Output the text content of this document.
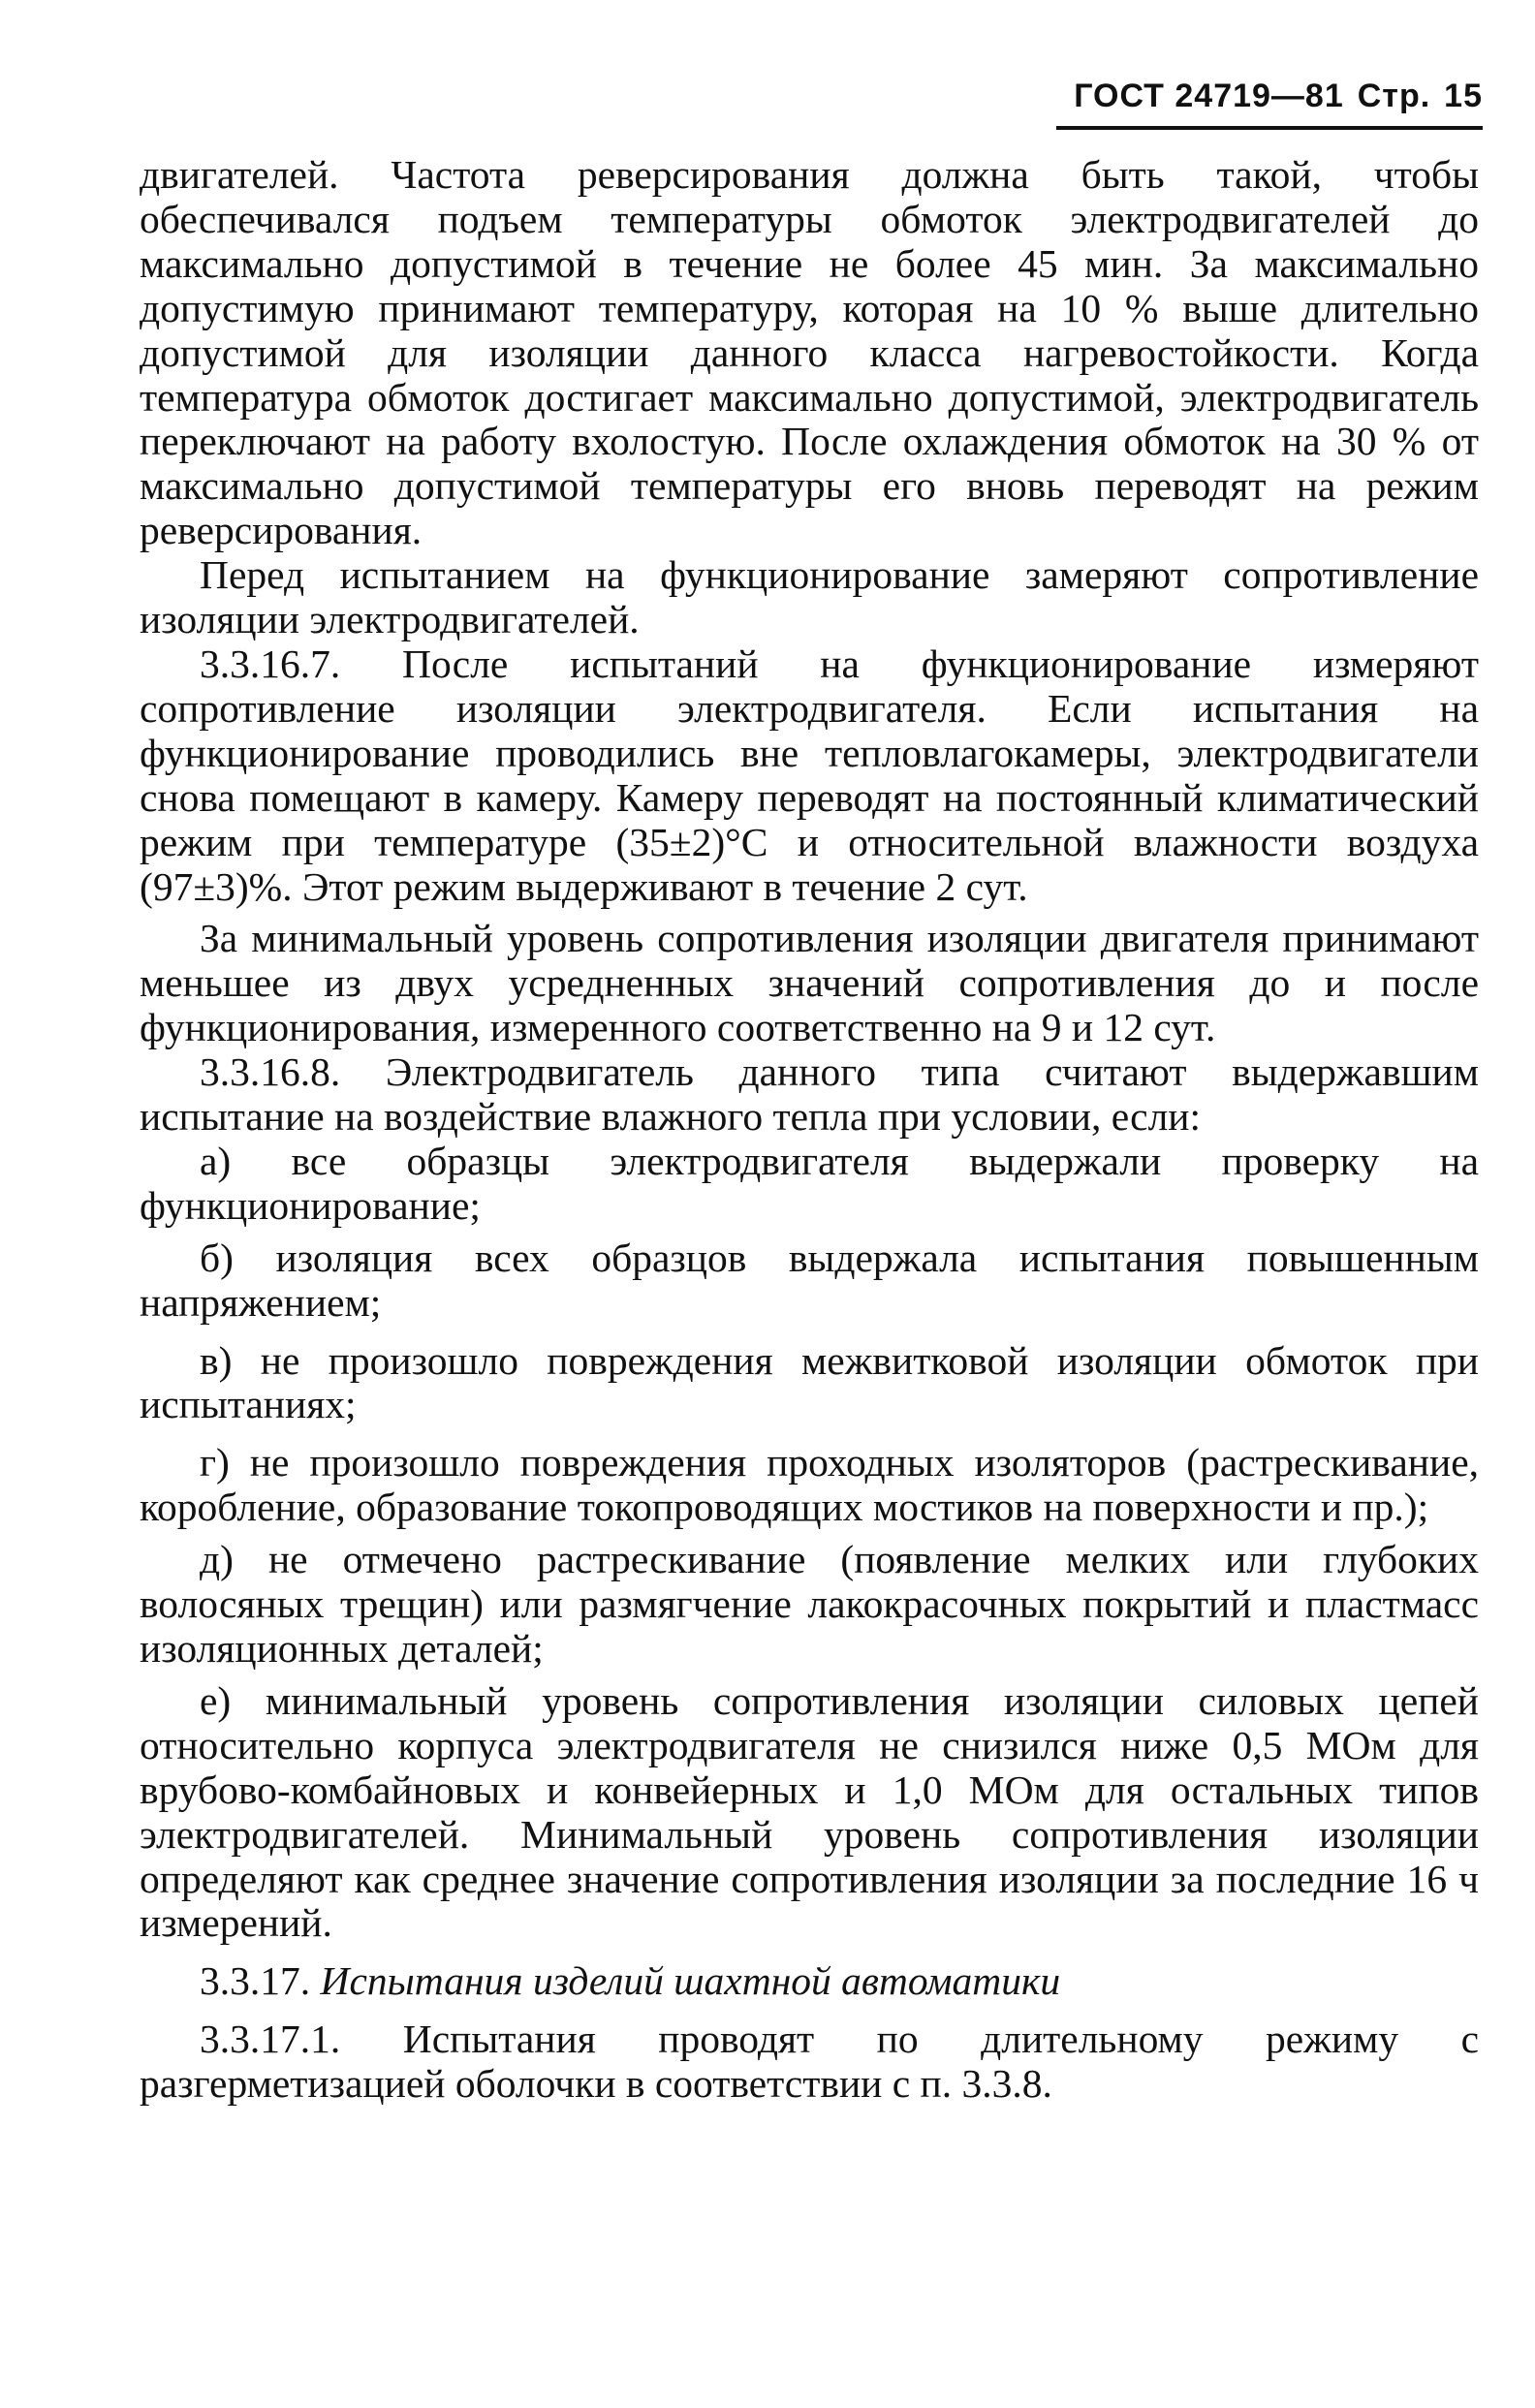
ГОСТ 24719—81 Стр. 15

двигателей. Частота реверсирования должна быть такой, чтобы обеспечивался подъем температуры обмоток электродвигателей до максимально допустимой в течение не более 45 мин. За максимально допустимую принимают температуру, которая на 10 % выше длительно допустимой для изоляции данного класса нагревостойкости. Когда температура обмоток достигает максимально допустимой, электродвигатель переключают на работу вхолостую. После охлаждения обмоток на 30 % от максимально допустимой температуры его вновь переводят на режим реверсирования.

Перед испытанием на функционирование замеряют сопротивление изоляции электродвигателей.

3.3.16.7. После испытаний на функционирование измеряют сопротивление изоляции электродвигателя. Если испытания на функционирование проводились вне тепловлагокамеры, электродвигатели снова помещают в камеру. Камеру переводят на постоянный климатический режим при температуре (35±2)°С и относительной влажности воздуха (97±3)%. Этот режим выдерживают в течение 2 сут.

За минимальный уровень сопротивления изоляции двигателя принимают меньшее из двух усредненных значений сопротивления до и после функционирования, измеренного соответственно на 9 и 12 сут.

3.3.16.8. Электродвигатель данного типа считают выдержавшим испытание на воздействие влажного тепла при условии, если:

а) все образцы электродвигателя выдержали проверку на функционирование;

б) изоляция всех образцов выдержала испытания повышенным напряжением;

в) не произошло повреждения межвитковой изоляции обмоток при испытаниях;

г) не произошло повреждения проходных изоляторов (растрескивание, коробление, образование токопроводящих мостиков на поверхности и пр.);

д) не отмечено растрескивание (появление мелких или глубоких волосяных трещин) или размягчение лакокрасочных покрытий и пластмасс изоляционных деталей;

е) минимальный уровень сопротивления изоляции силовых цепей относительно корпуса электродвигателя не снизился ниже 0,5 МОм для врубово-комбайновых и конвейерных и 1,0 МОм для остальных типов электродвигателей. Минимальный уровень сопротивления изоляции определяют как среднее значение сопротивления изоляции за последние 16 ч измерений.

3.3.17. Испытания изделий шахтной автоматики

3.3.17.1. Испытания проводят по длительному режиму с разгерметизацией оболочки в соответствии с п. 3.3.8.
